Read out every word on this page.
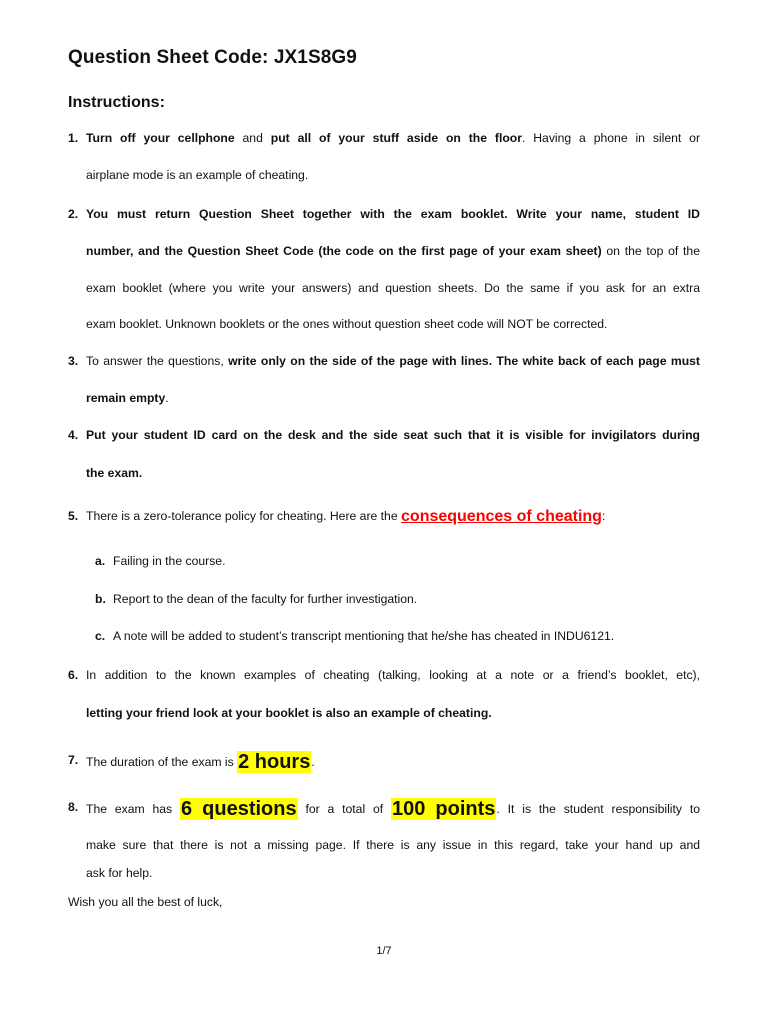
Question Sheet Code: JX1S8G9
Instructions:
1. Turn off your cellphone and put all of your stuff aside on the floor. Having a phone in silent or
airplane mode is an example of cheating.
2. You must return Question Sheet together with the exam booklet. Write your name, student ID
number, and the Question Sheet Code (the code on the first page of your exam sheet) on the top of the
exam booklet (where you write your answers) and question sheets. Do the same if you ask for an extra
exam booklet. Unknown booklets or the ones without question sheet code will NOT be corrected.
3. To answer the questions, write only on the side of the page with lines. The white back of each page must
remain empty.
4. Put your student ID card on the desk and the side seat such that it is visible for invigilators during
the exam.
5. There is a zero-tolerance policy for cheating. Here are the consequences of cheating:
a. Failing in the course.
b. Report to the dean of the faculty for further investigation.
c. A note will be added to student’s transcript mentioning that he/she has cheated in INDU6121.
6. In addition to the known examples of cheating (talking, looking at a note or a friend’s booklet, etc),
letting your friend look at your booklet is also an example of cheating.
7. The duration of the exam is 2 hours.
8. The exam has 6 questions for a total of 100 points. It is the student responsibility to
make sure that there is not a missing page. If there is any issue in this regard, take your hand up and
ask for help.
Wish you all the best of luck,
1/7
